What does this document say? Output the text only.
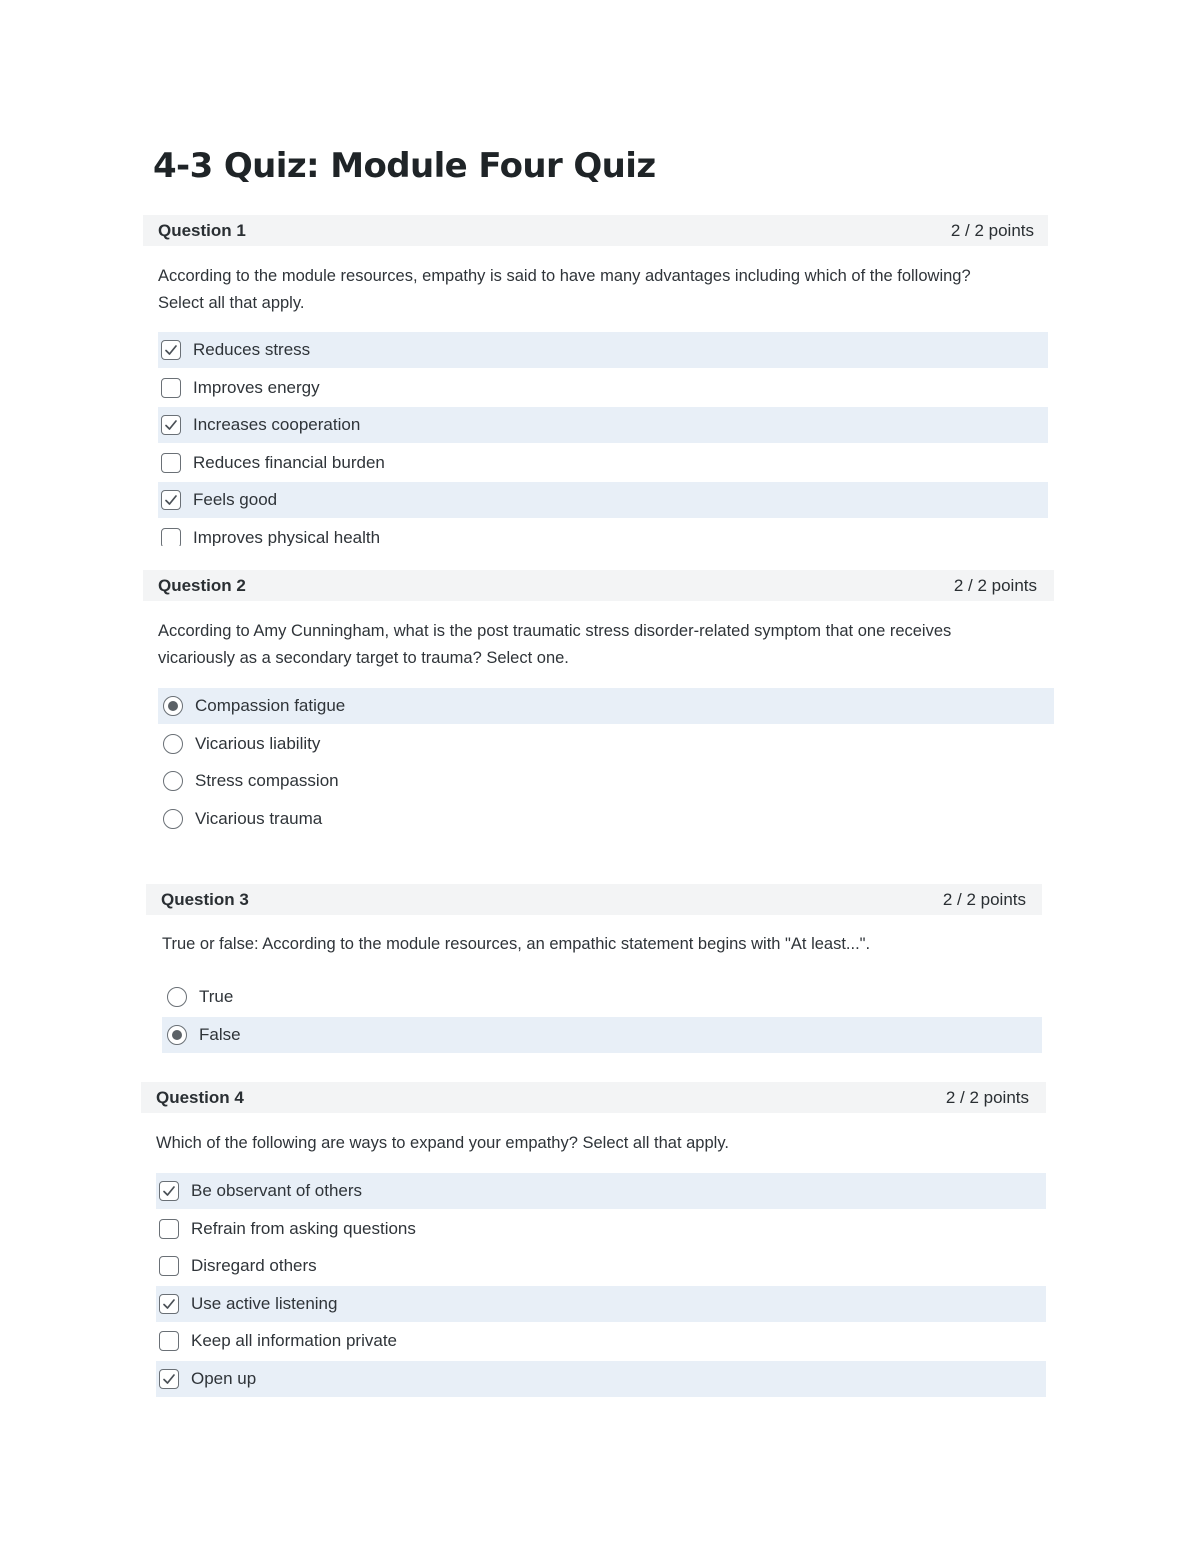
4-3 Quiz: Module Four Quiz
Question 1	2 / 2 points

According to the module resources, empathy is said to have many advantages including which of the following? Select all that apply.

Reduces stress
Improves energy
Increases cooperation
Reduces financial burden
Feels good
Improves physical health
Question 2	2 / 2 points

According to Amy Cunningham, what is the post traumatic stress disorder-related symptom that one receives vicariously as a secondary target to trauma? Select one.

Compassion fatigue
Vicarious liability
Stress compassion
Vicarious trauma
Question 3	2 / 2 points

True or false: According to the module resources, an empathic statement begins with "At least...".

True
False
Question 4	2 / 2 points

Which of the following are ways to expand your empathy? Select all that apply.

Be observant of others
Refrain from asking questions
Disregard others
Use active listening
Keep all information private
Open up
